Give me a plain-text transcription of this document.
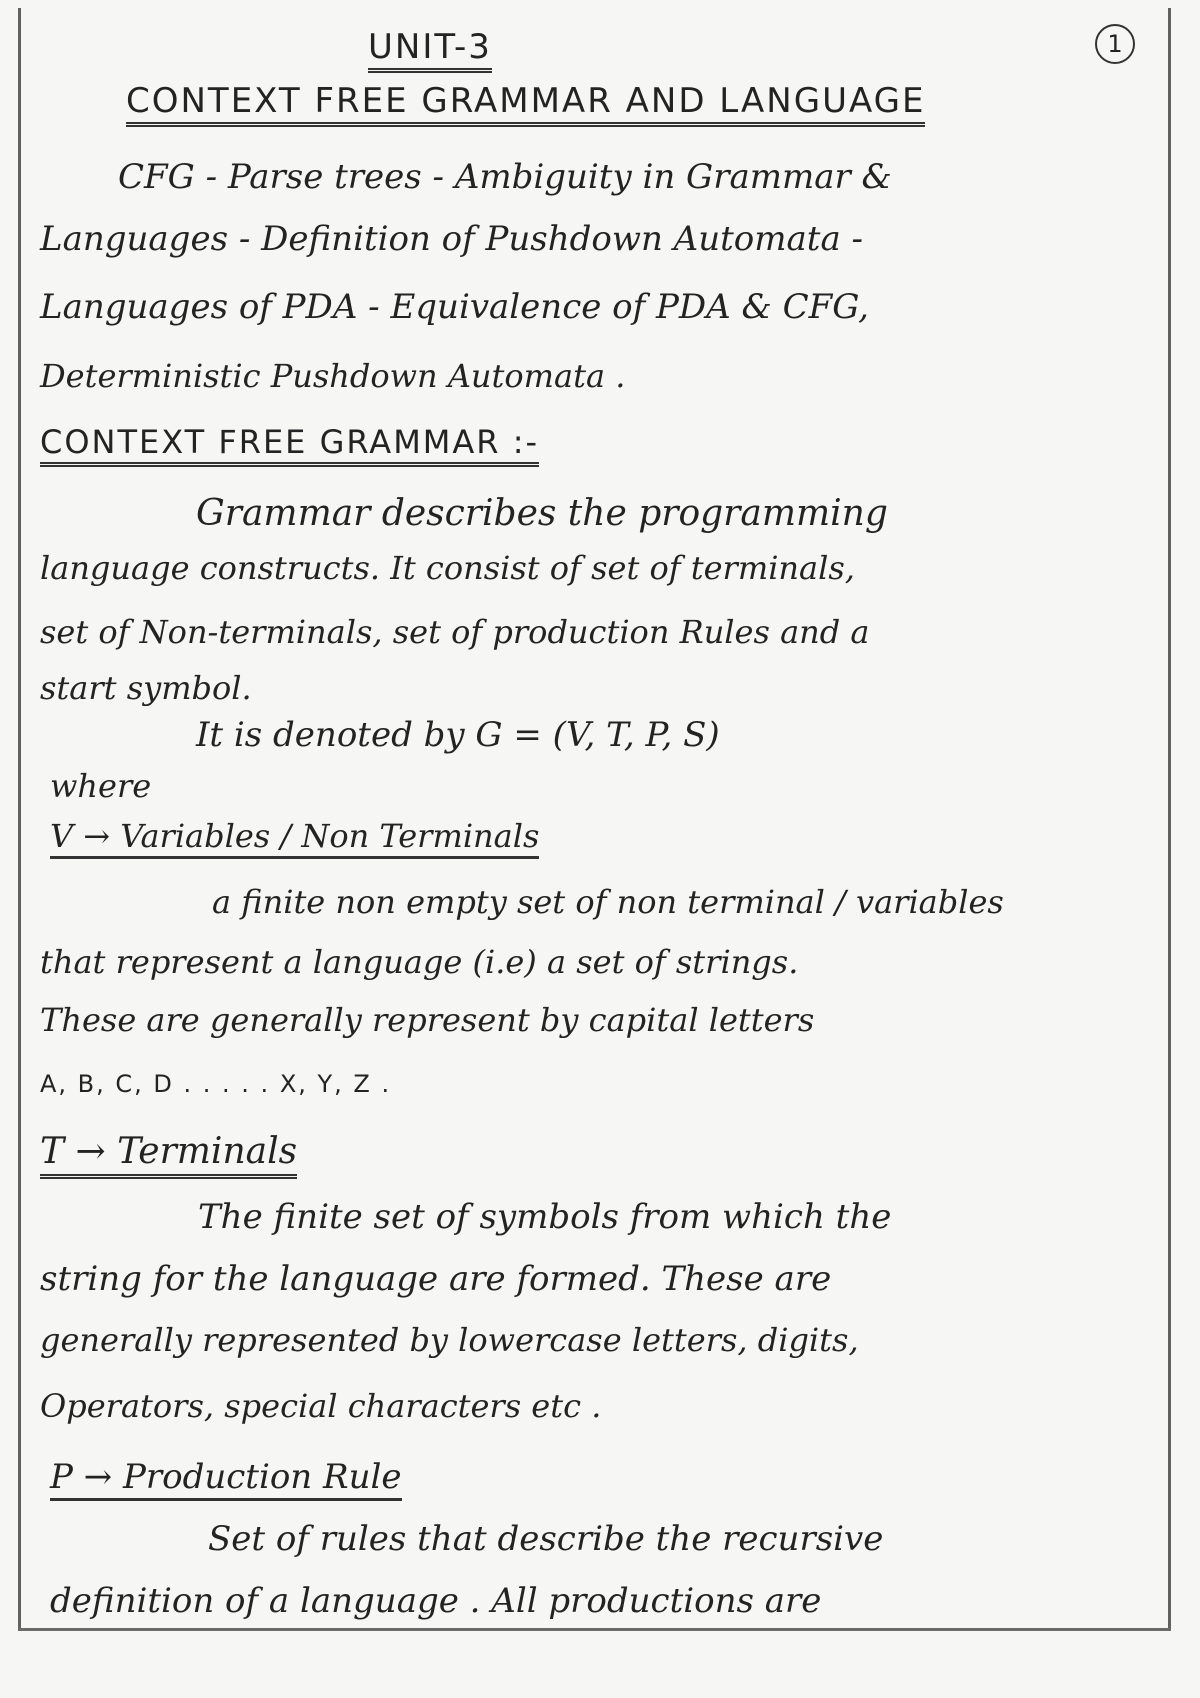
1
UNIT-3
CONTEXT FREE GRAMMAR AND LANGUAGE
CFG - Parse trees - Ambiguity in Grammar &
Languages - Definition of Pushdown Automata -
Languages of PDA - Equivalence of PDA & CFG,
Deterministic Pushdown Automata .
CONTEXT FREE GRAMMAR :-
Grammar describes the programming
language constructs. It consist of set of terminals,
set of Non-terminals, set of production Rules and a
start symbol.
It is denoted by G = (V, T, P, S)
where
V → Variables / Non Terminals
a finite non empty set of non terminal / variables
that represent a language (i.e) a set of strings.
These are generally represent by capital letters
A, B, C, D . . . . . X, Y, Z .
T → Terminals
The finite set of symbols from which the
string for the language are formed. These are
generally represented by lowercase letters, digits,
Operators, special characters etc .
P → Production Rule
Set of rules that describe the recursive
definition of a language . All productions are
